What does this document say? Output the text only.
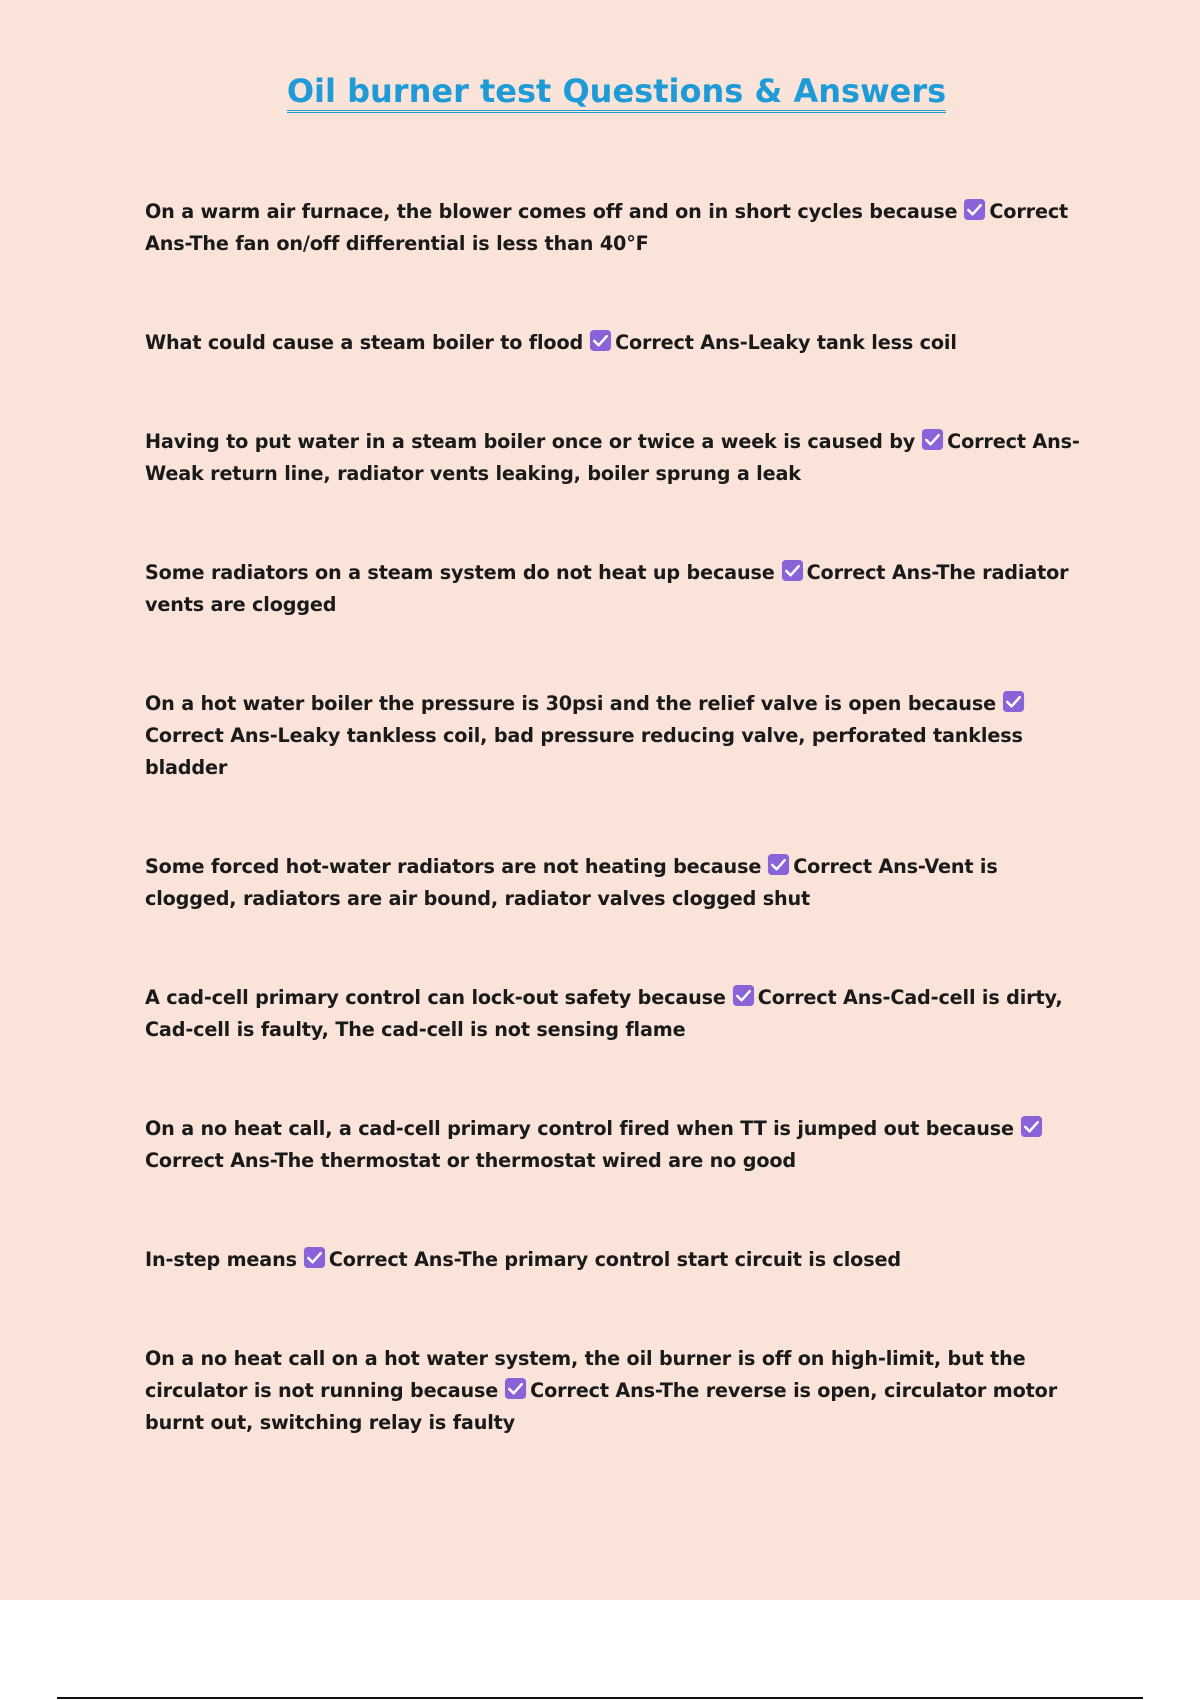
Oil burner test Questions & Answers
On a warm air furnace, the blower comes off and on in short cycles because Correct Ans-The fan on/off differential is less than 40°F
What could cause a steam boiler to flood Correct Ans-Leaky tank less coil
Having to put water in a steam boiler once or twice a week is caused by Correct Ans-Weak return line, radiator vents leaking, boiler sprung a leak
Some radiators on a steam system do not heat up because Correct Ans-The radiator vents are clogged
On a hot water boiler the pressure is 30psi and the relief valve is open because
Correct Ans-Leaky tankless coil, bad pressure reducing valve, perforated tankless bladder
Some forced hot-water radiators are not heating because Correct Ans-Vent is clogged, radiators are air bound, radiator valves clogged shut
A cad-cell primary control can lock-out safety because Correct Ans-Cad-cell is dirty, Cad-cell is faulty, The cad-cell is not sensing flame
On a no heat call, a cad-cell primary control fired when TT is jumped out because
Correct Ans-The thermostat or thermostat wired are no good
In-step means Correct Ans-The primary control start circuit is closed
On a no heat call on a hot water system, the oil burner is off on high-limit, but the circulator is not running because Correct Ans-The reverse is open, circulator motor burnt out, switching relay is faulty
